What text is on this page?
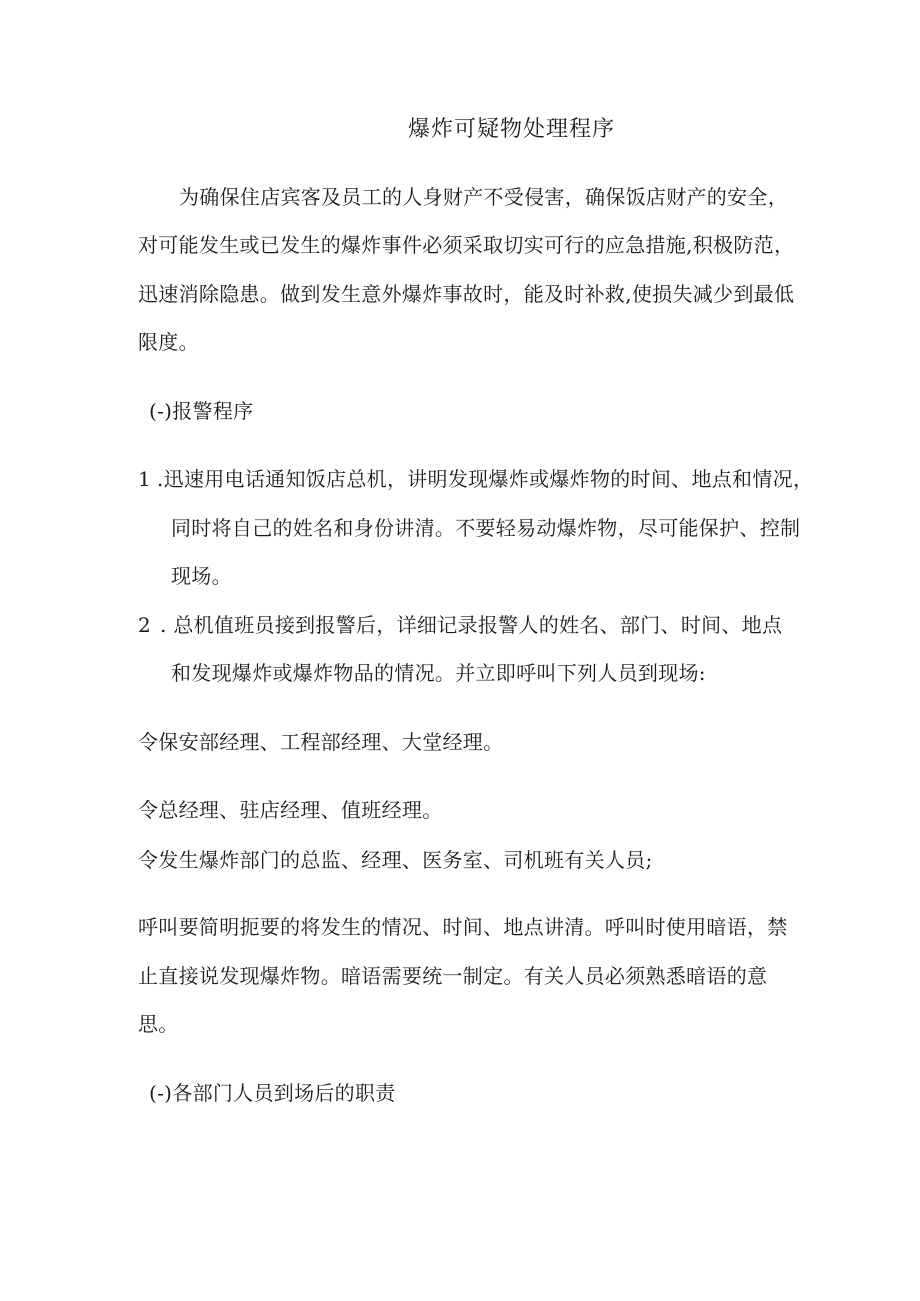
爆炸可疑物处理程序
为确保住店宾客及员工的人身财产不受侵害，确保饭店财产的安全，
对可能发生或已发生的爆炸事件必须采取切实可行的应急措施,积极防范，
迅速消除隐患。做到发生意外爆炸事故时，能及时补救,使损失减少到最低
限度。
(-)报警程序
1 .迅速用电话通知饭店总机，讲明发现爆炸或爆炸物的时间、地点和情况，
同时将自己的姓名和身份讲清。不要轻易动爆炸物，尽可能保护、控制
现场。
2 . 总机值班员接到报警后，详细记录报警人的姓名、部门、时间、地点
和发现爆炸或爆炸物品的情况。并立即呼叫下列人员到现场:
令保安部经理、工程部经理、大堂经理。
令总经理、驻店经理、值班经理。
令发生爆炸部门的总监、经理、医务室、司机班有关人员;
呼叫要简明扼要的将发生的情况、时间、地点讲清。呼叫时使用暗语，禁
止直接说发现爆炸物。暗语需要统一制定。有关人员必须熟悉暗语的意
思。
(-)各部门人员到场后的职责
